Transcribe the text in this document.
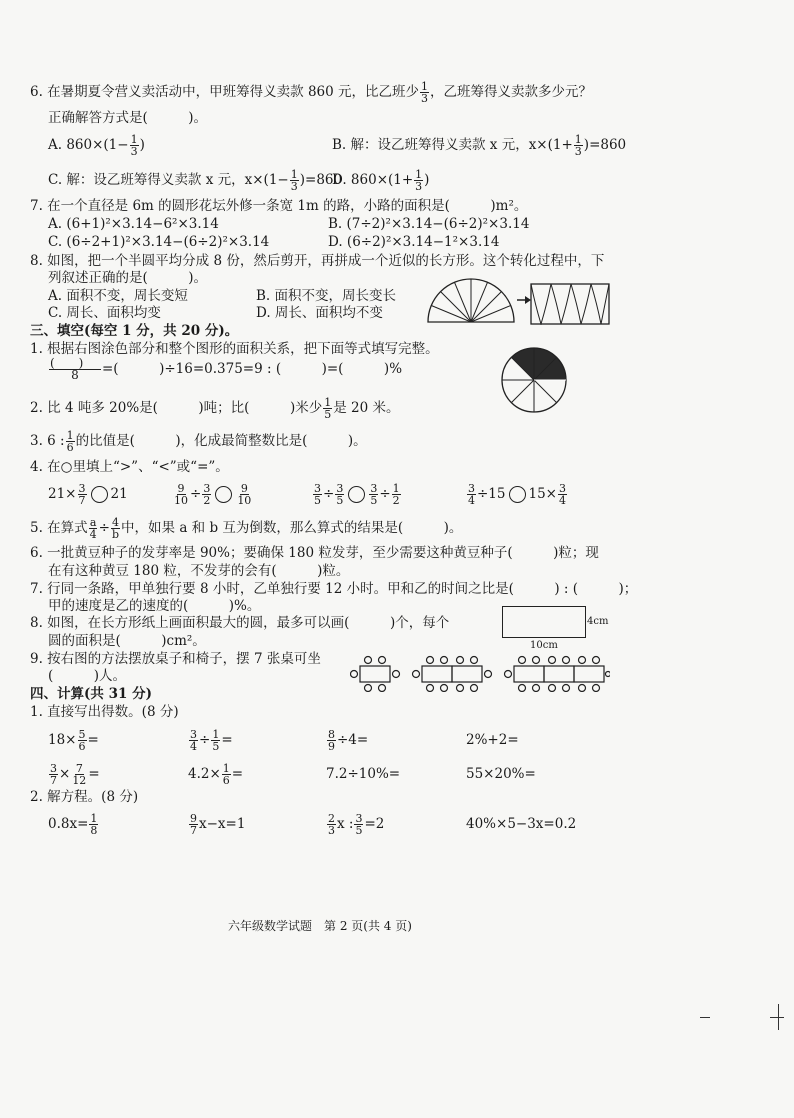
6. 在暑期夏令营义卖活动中，甲班筹得义卖款 860 元，比乙班少 $\frac{1}{3}$ ，乙班筹得义卖款多少元？
正确解答方式是(　　　)。
A. $860\times(1- \frac{1}{3}$ )	B. 解：设乙班筹得义卖款 x 元，$x\times(1+ \frac{1}{3} )=860$
C. 解：设乙班筹得义卖款 x 元，$x\times(1- \frac{1}{3} )=860$
D. $860\times(1+ \frac{1}{3}$ )
7. 在一个直径是 6m 的圆形花坛外修一条宽 1m 的路，小路的面积是(　　　)m²。
A. (6+1)²×3.14−6²×3.14	B. (7÷2)²×3.14−(6÷2)²×3.14
C. (6÷2+1)²×3.14−(6÷2)²×3.14	D. (6÷2)²×3.14−1²×3.14
8. 如图，把一个半圆平均分成 8 份，然后剪开，再拼成一个近似的长方形。这个转化过程中，下
列叙述正确的是(　　　)。
A. 面积不变，周长变短	B. 面积不变，周长变长
C. 周长、面积均变	D. 周长、面积均不变
三、填空(每空 1 分，共 20 分)。
1. 根据右图涂色部分和整个图形的面积关系，把下面等式填写完整。
$\frac{( )}{8}$ =(　　　)÷16=0.375=9 : (　　　)=(　　　)%
2. 比 4 吨多 20%是(　　　)吨；比(　　　)米少 $\frac{1}{5}$ 是 20 米。
3. 6 : $\frac{1}{6}$ 的比值是(　　　)，化成最简整数比是(　　　)。
4. 在○里填上“>”、“<”或“=”。
$21\times \frac{3}{7} 21$	$\frac{9}{10} \div \frac{3}{2} \frac{9}{10}$	$\frac{3}{5} \div \frac{3}{5} \frac{3}{5} \div \frac{1}{2}$	$\frac{3}{4} \div 15$ $15\times \frac{3}{4}$
5. 在算式 $\frac{a}{4} \div \frac{4}{b}$ 中，如果 a 和 b 互为倒数，那么算式的结果是(　　　)。
6. 一批黄豆种子的发芽率是 90%；要确保 180 粒发芽，至少需要这种黄豆种子(　　　)粒；现
在有这种黄豆 180 粒，不发芽的会有(　　　)粒。
7. 行同一条路，甲单独行要 8 小时，乙单独行要 12 小时。甲和乙的时间之比是(　　　) : (　　　)；
甲的速度是乙的速度的(　　　)%。
8. 如图，在长方形纸上画面积最大的圆，最多可以画(　　　)个，每个
圆的面积是(　　　)cm²。
4cm
10cm
9. 按右图的方法摆放桌子和椅子，摆 7 张桌可坐
(　　　)人。
四、计算(共 31 分)
1. 直接写出得数。(8 分)
$18\times \frac{5}{6}$ =	$\frac{3}{4} \div \frac{1}{5}$ =	$\frac{8}{9} \div 4=$	2%+2=
$\frac{3}{7} \times \frac{7}{12}$ =	$4.2\times \frac{1}{6}$ =	7.2÷10%=	55×20%=
2. 解方程。(8 分)
$0.8x= \frac{1}{8}$	$\frac{9}{7} x-x=1$	$\frac{2}{3}$ x : $\frac{3}{5} =2$	40%×5−3x=0.2
六年级数学试题　第 2 页(共 4 页)
